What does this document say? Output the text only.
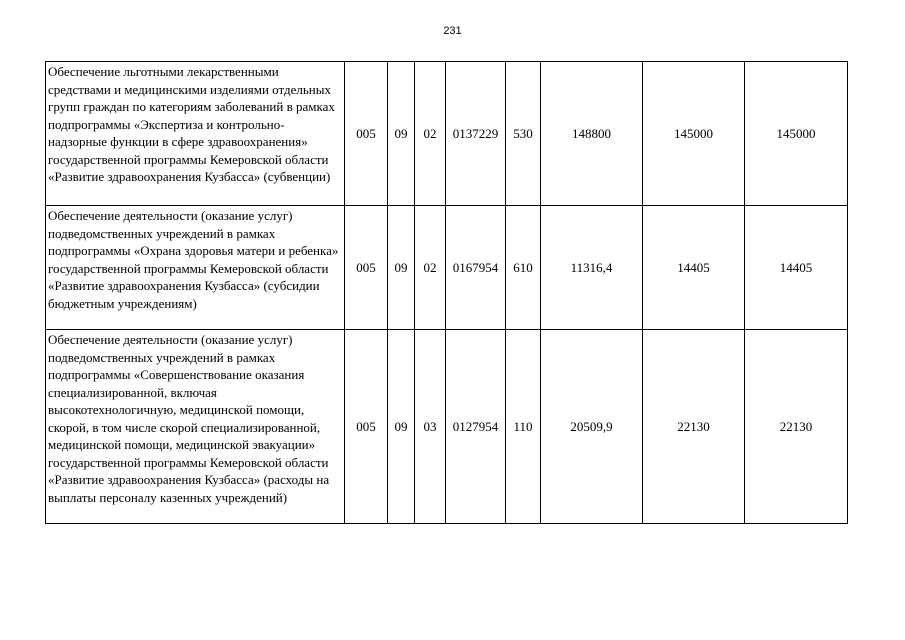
231
Обеспечение льготными лекарственными средствами и медицинскими изделиями отдельных групп граждан по категориям заболеваний в рамках подпрограммы «Экспертиза и контрольно-надзорные функции в сфере здравоохранения» государственной программы Кемеровской области «Развитие здравоохранения Кузбасса» (субвенции)	005	09	02	0137229	530	148800	145000	145000
Обеспечение деятельности (оказание услуг) подведомственных учреждений в рамках подпрограммы «Охрана здоровья матери и ребенка» государственной программы Кемеровской области «Развитие здравоохранения Кузбасса» (субсидии бюджетным учреждениям)	005	09	02	0167954	610	11316,4	14405	14405
Обеспечение деятельности (оказание услуг) подведомственных учреждений в рамках подпрограммы «Совершенствование оказания специализированной, включая высокотехнологичную, медицинской помощи, скорой, в том числе скорой специализированной, медицинской помощи, медицинской эвакуации» государственной программы Кемеровской области «Развитие здравоохранения Кузбасса» (расходы на выплаты персоналу казенных учреждений)	005	09	03	0127954	110	20509,9	22130	22130
